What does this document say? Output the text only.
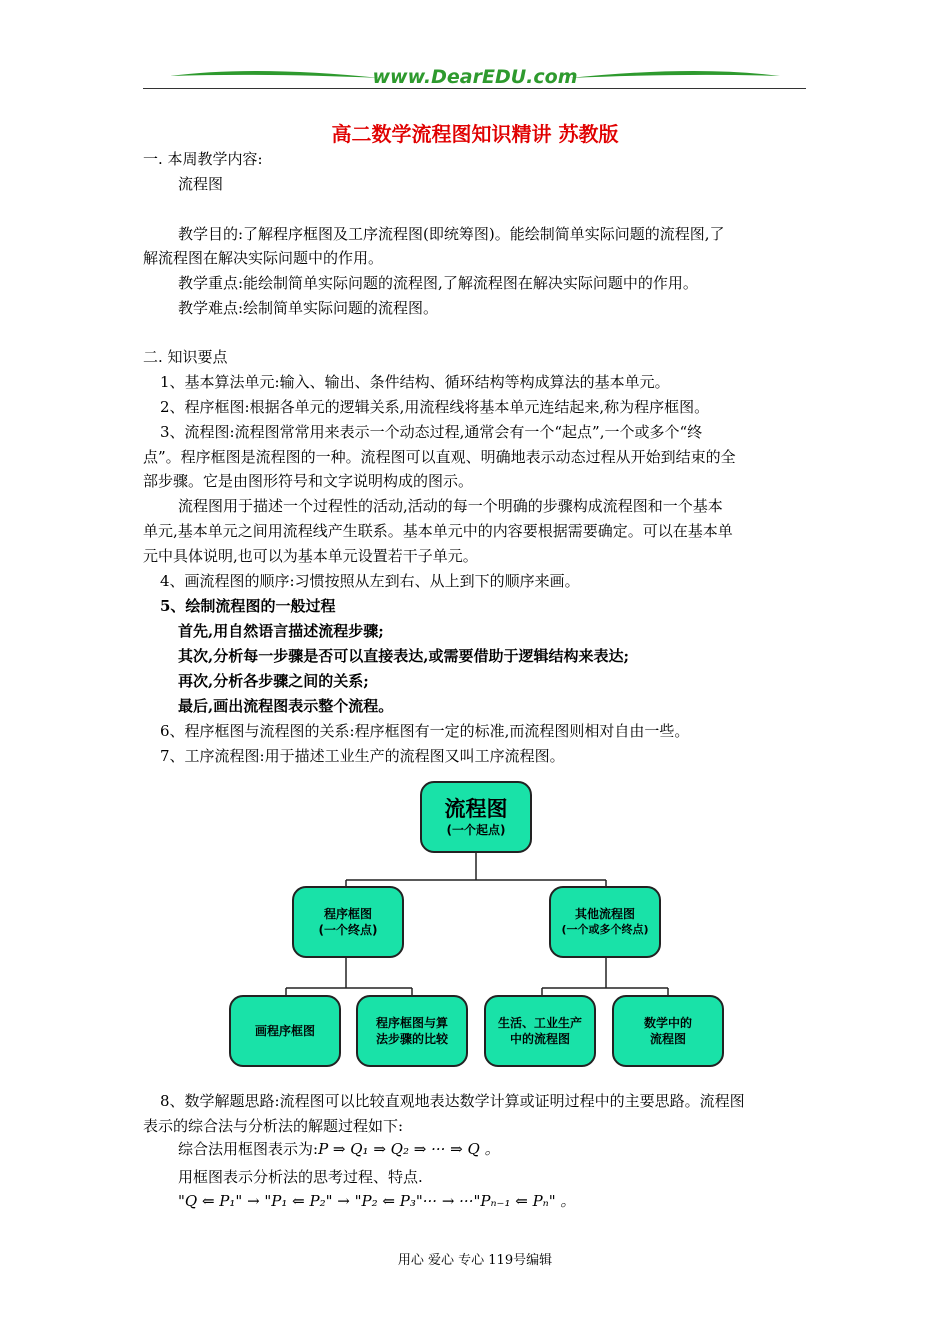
www.DearEDU.com
高二数学流程图知识精讲 苏教版
一. 本周教学内容:
流程图
教学目的:了解程序框图及工序流程图(即统筹图)。能绘制简单实际问题的流程图,了
解流程图在解决实际问题中的作用。
教学重点:能绘制简单实际问题的流程图,了解流程图在解决实际问题中的作用。
教学难点:绘制简单实际问题的流程图。
二. 知识要点
1、基本算法单元:输入、输出、条件结构、循环结构等构成算法的基本单元。
2、程序框图:根据各单元的逻辑关系,用流程线将基本单元连结起来,称为程序框图。
3、流程图:流程图常常用来表示一个动态过程,通常会有一个“起点”,一个或多个“终
点”。程序框图是流程图的一种。流程图可以直观、明确地表示动态过程从开始到结束的全
部步骤。它是由图形符号和文字说明构成的图示。
流程图用于描述一个过程性的活动,活动的每一个明确的步骤构成流程图和一个基本
单元,基本单元之间用流程线产生联系。基本单元中的内容要根据需要确定。可以在基本单
元中具体说明,也可以为基本单元设置若干子单元。
4、画流程图的顺序:习惯按照从左到右、从上到下的顺序来画。
5、绘制流程图的一般过程
首先,用自然语言描述流程步骤;
其次,分析每一步骤是否可以直接表达,或需要借助于逻辑结构来表达;
再次,分析各步骤之间的关系;
最后,画出流程图表示整个流程。
6、程序框图与流程图的关系:程序框图有一定的标准,而流程图则相对自由一些。
7、工序流程图:用于描述工业生产的流程图又叫工序流程图。
流程图
(一个起点)
程序框图
(一个终点)
其他流程图
(一个或多个终点)
画程序框图
程序框图与算
法步骤的比较
生活、工业生产
中的流程图
数学中的
流程图
8、数学解题思路:流程图可以比较直观地表达数学计算或证明过程中的主要思路。流程图
表示的综合法与分析法的解题过程如下:
综合法用框图表示为:P ⇒ Q₁ ⇒ Q₂ ⇒ ··· ⇒ Q 。
用框图表示分析法的思考过程、特点.
"Q ⇐ P₁" → "P₁ ⇐ P₂" → "P₂ ⇐ P₃"··· → ···"Pₙ₋₁ ⇐ Pₙ" 。
用心 爱心 专心 119号编辑
